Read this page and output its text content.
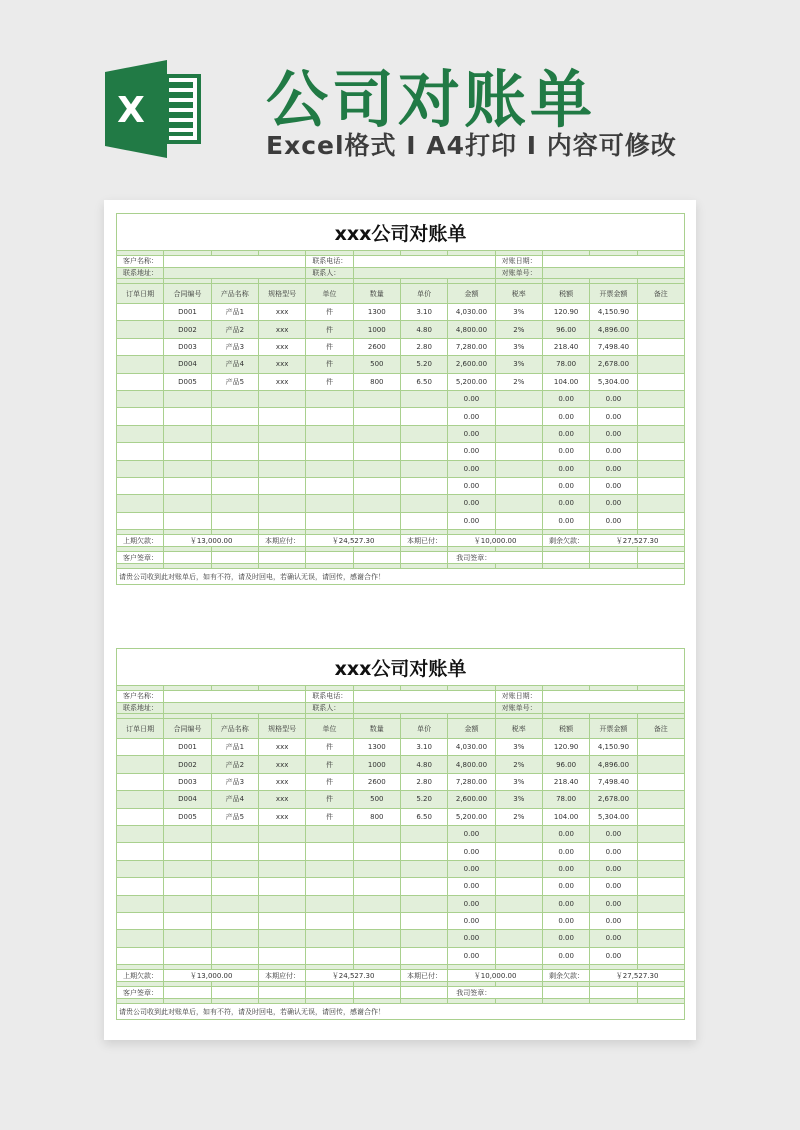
X 公司对账单
Excel格式 I A4打印 I 内容可修改
xxx公司对账单											

客户名称：				联系电话：				对账日期：			
联系地址：				联系人：				对账单号：			

订单日期	合同编号	产品名称	规格型号	单位	数量	单价	金额	税率	税额	开票金额	备注
	D001	产品1	xxx	件	1300	3.10	4,030.00	3%	120.90	4,150.90	
	D002	产品2	xxx	件	1000	4.80	4,800.00	2%	96.00	4,896.00	
	D003	产品3	xxx	件	2600	2.80	7,280.00	3%	218.40	7,498.40	
	D004	产品4	xxx	件	500	5.20	2,600.00	3%	78.00	2,678.00	
	D005	产品5	xxx	件	800	6.50	5,200.00	2%	104.00	5,304.00	
							0.00		0.00	0.00	
							0.00		0.00	0.00	
							0.00		0.00	0.00	
							0.00		0.00	0.00	
							0.00		0.00	0.00	
							0.00		0.00	0.00	
							0.00		0.00	0.00	
							0.00		0.00	0.00	

上期欠款：	￥13,000.00		本期应付：	￥24,527.30		本期已付：	￥10,000.00		剩余欠款：	￥27,527.30	

客户签章：							我司签章：				

请贵公司收到此对账单后，如有不符，请及时回电，若确认无误，请回传，感谢合作！											
xxx公司对账单											

客户名称：				联系电话：				对账日期：			
联系地址：				联系人：				对账单号：			

订单日期	合同编号	产品名称	规格型号	单位	数量	单价	金额	税率	税额	开票金额	备注
	D001	产品1	xxx	件	1300	3.10	4,030.00	3%	120.90	4,150.90	
	D002	产品2	xxx	件	1000	4.80	4,800.00	2%	96.00	4,896.00	
	D003	产品3	xxx	件	2600	2.80	7,280.00	3%	218.40	7,498.40	
	D004	产品4	xxx	件	500	5.20	2,600.00	3%	78.00	2,678.00	
	D005	产品5	xxx	件	800	6.50	5,200.00	2%	104.00	5,304.00	
							0.00		0.00	0.00	
							0.00		0.00	0.00	
							0.00		0.00	0.00	
							0.00		0.00	0.00	
							0.00		0.00	0.00	
							0.00		0.00	0.00	
							0.00		0.00	0.00	
							0.00		0.00	0.00	

上期欠款：	￥13,000.00		本期应付：	￥24,527.30		本期已付：	￥10,000.00		剩余欠款：	￥27,527.30	

客户签章：							我司签章：				

请贵公司收到此对账单后，如有不符，请及时回电，若确认无误，请回传，感谢合作！											
